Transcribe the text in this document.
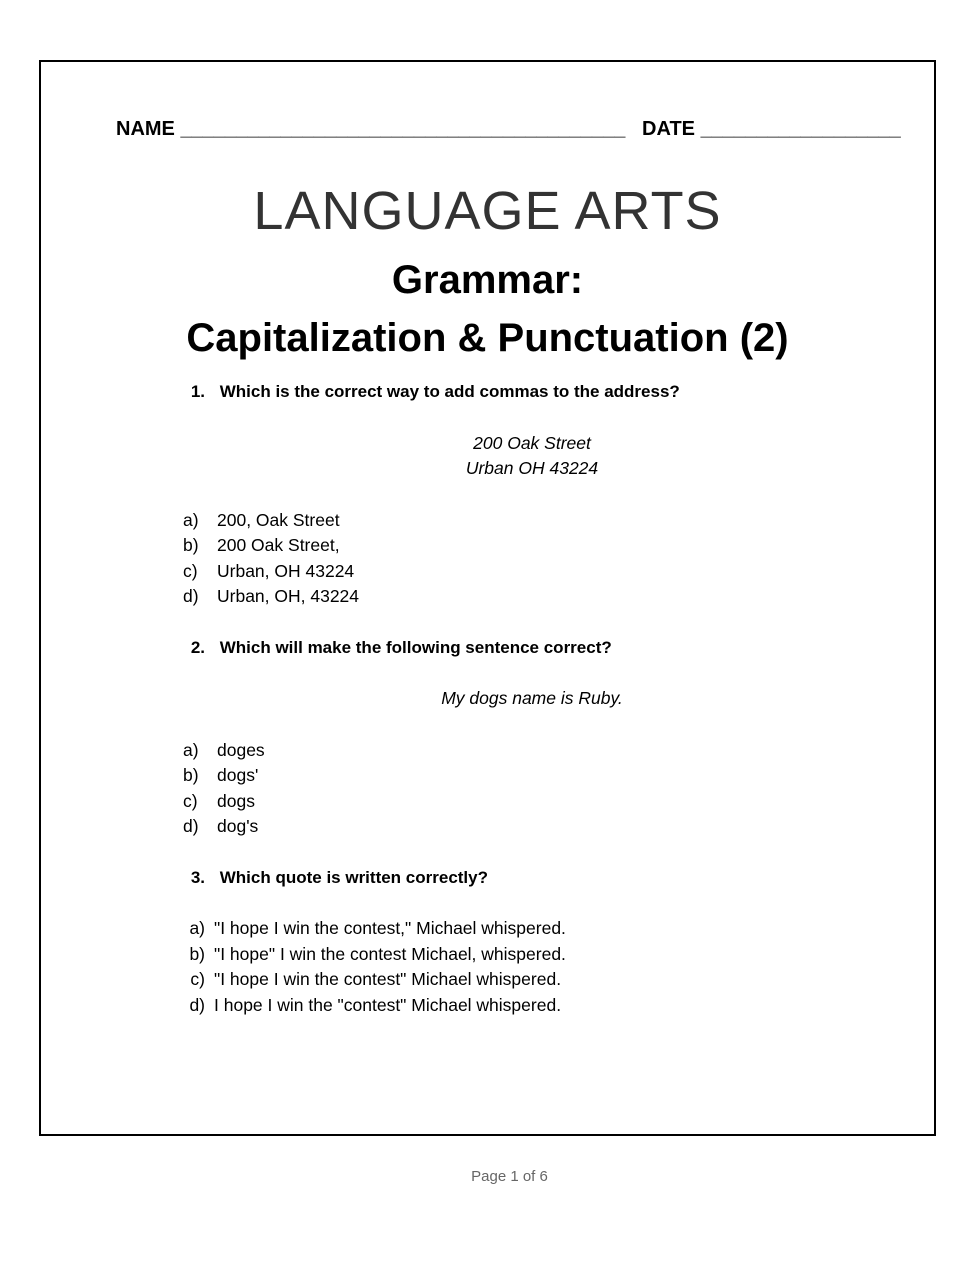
NAME ________________________________________ DATE __________________
LANGUAGE ARTS
Grammar:
Capitalization & Punctuation (2)
1. Which is the correct way to add commas to the address?
200 Oak Street
Urban OH 43224
a) 200, Oak Street
b) 200 Oak Street,
c) Urban, OH 43224
d) Urban, OH, 43224
2. Which will make the following sentence correct?
My dogs name is Ruby.
a) doges
b) dogs'
c) dogs
d) dog's
3. Which quote is written correctly?
a) "I hope I win the contest," Michael whispered.
b) "I hope" I win the contest Michael, whispered.
c) "I hope I win the contest" Michael whispered.
d) I hope I win the "contest" Michael whispered.
Page 1 of 6
